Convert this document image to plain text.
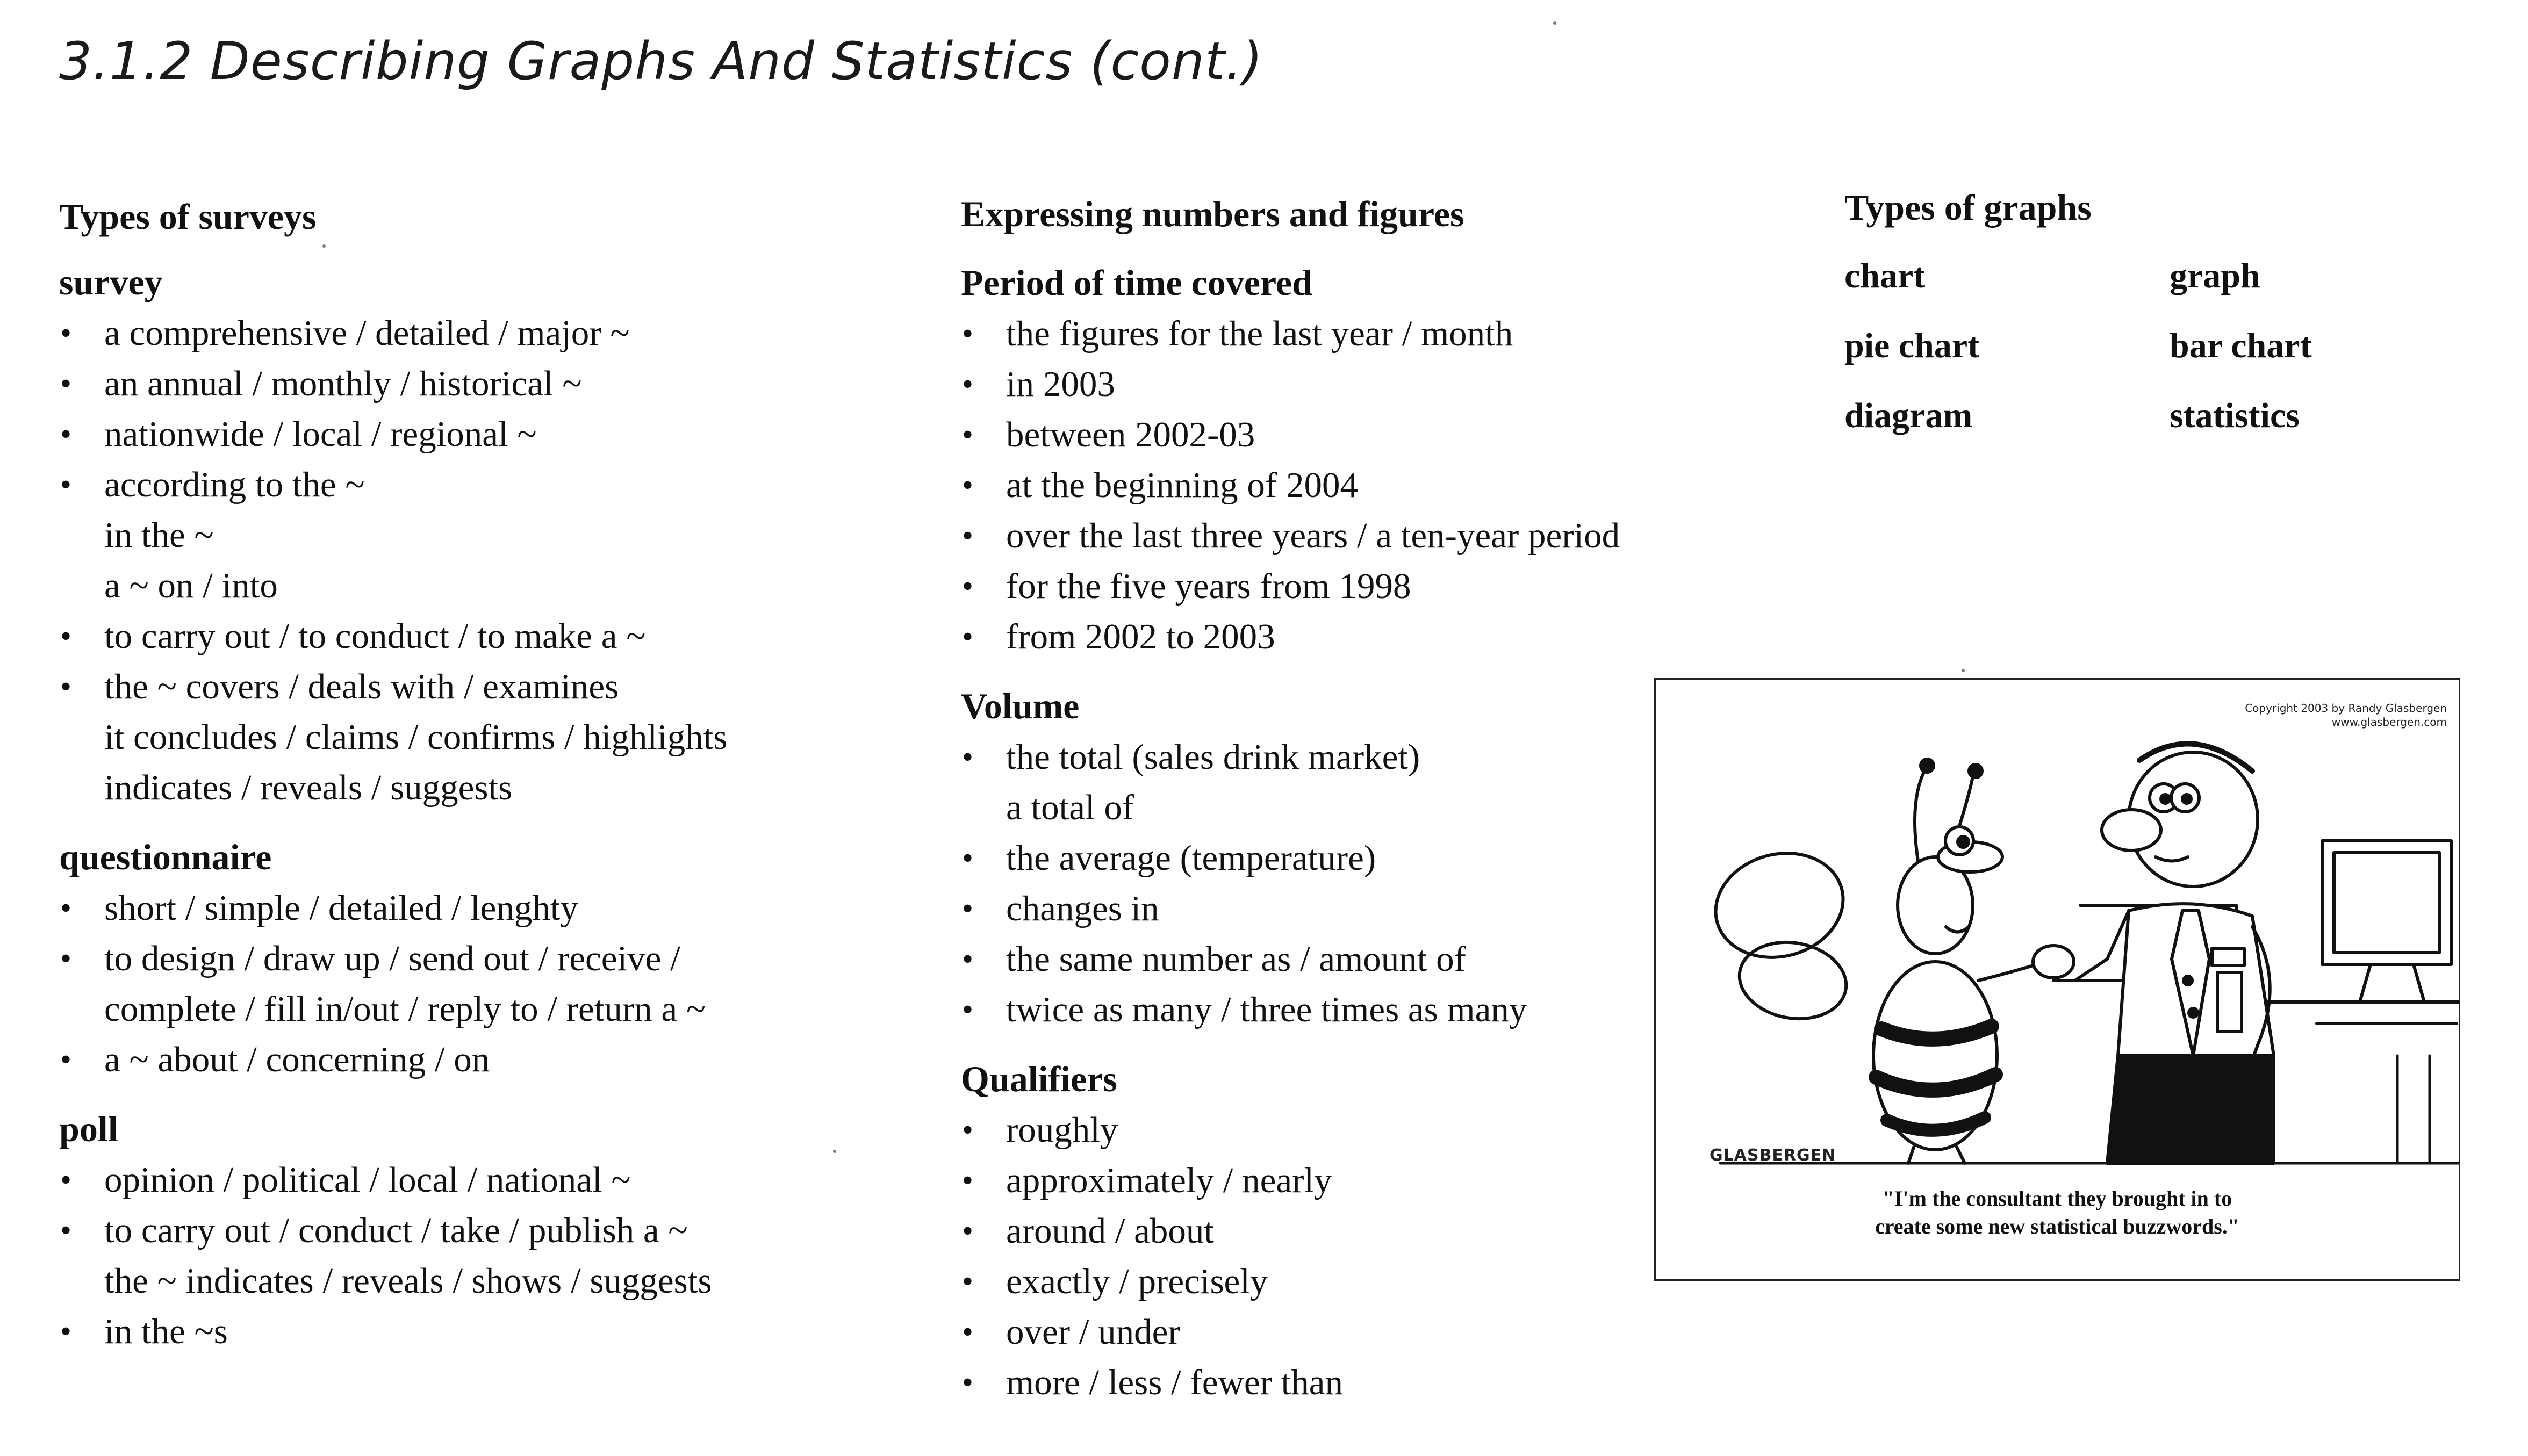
3.1.2 Describing Graphs And Statistics (cont.)
Types of surveys
survey
• a comprehensive / detailed / major ~
• an annual / monthly / historical ~
• nationwide / local / regional ~
• according to the ~
in the ~
a ~ on / into
• to carry out / to conduct / to make a ~
• the ~ covers / deals with / examines
it concludes / claims / confirms / highlights
indicates / reveals / suggests
questionnaire
• short / simple / detailed / lenghty
• to design / draw up / send out / receive /
complete / fill in/out / reply to / return a ~
• a ~ about / concerning / on
poll
• opinion / political / local / national ~
• to carry out / conduct / take / publish a ~
the ~ indicates / reveals / shows / suggests
• in the ~s
Expressing numbers and figures
Period of time covered
• the figures for the last year / month
• in 2003
• between 2002-03
• at the beginning of 2004
• over the last three years / a ten-year period
• for the five years from 1998
• from 2002 to 2003
Volume
• the total (sales drink market)
a total of
• the average (temperature)
• changes in
• the same number as / amount of
• twice as many / three times as many
Qualifiers
• roughly
• approximately / nearly
• around / about
• exactly / precisely
• over / under
• more / less / fewer than
Types of graphs
chart	graph
pie chart	bar chart
diagram	statistics
Copyright 2003 by Randy Glasbergen
www.glasbergen.com
GLASBERGEN
"I'm the consultant they brought in to
create some new statistical buzzwords."
